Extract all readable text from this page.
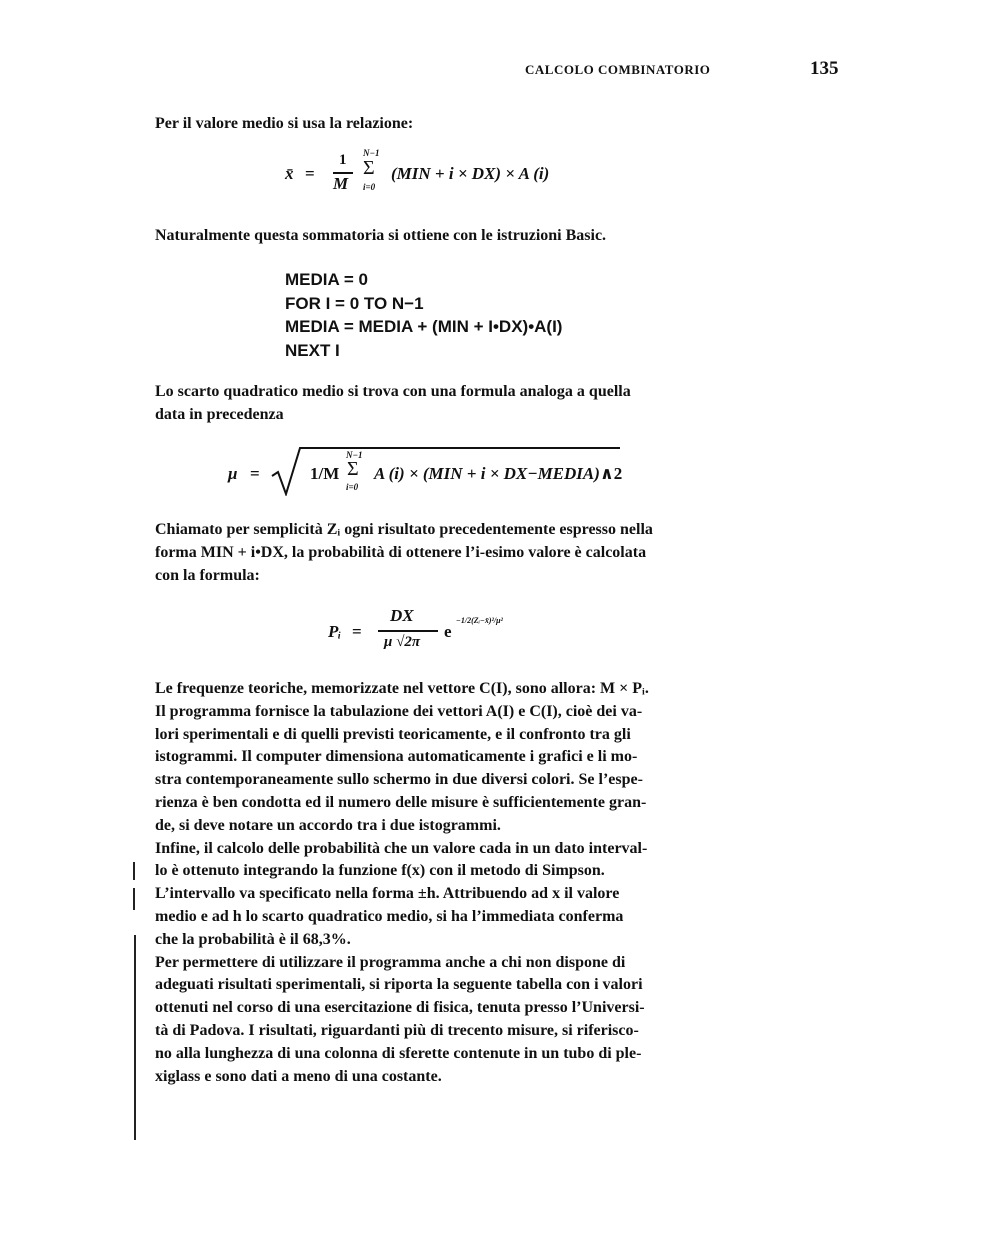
CALCOLO COMBINATORIO	135
Per il valore medio si usa la relazione:
x̄ =
1
M
N−1
Σ
i=0
(MIN + i × DX) × A (i)
Naturalmente questa sommatoria si ottiene con le istruzioni Basic.
MEDIA = 0
FOR I = 0 TO N−1
MEDIA = MEDIA + (MIN + I•DX)•A(I)
NEXT I
Lo scarto quadratico medio si trova con una formula analoga a quella
data in precedenza
μ =	1/M
N−1
Σ
i=0
A (i) × (MIN + i × DX−MEDIA) ∧2
Chiamato per semplicità Zᵢ ogni risultato precedentemente espresso nella
forma MIN + i•DX, la probabilità di ottenere l’i-esimo valore è calcolata
con la formula:
Pᵢ =
DX
μ √2π
e
−1/2(Zᵢ−x̄)²/μ²
Le frequenze teoriche, memorizzate nel vettore C(I), sono allora: M × Pᵢ.
Il programma fornisce la tabulazione dei vettori A(I) e C(I), cioè dei va-
lori sperimentali e di quelli previsti teoricamente, e il confronto tra gli
istogrammi. Il computer dimensiona automaticamente i grafici e li mo-
stra contemporaneamente sullo schermo in due diversi colori. Se l’espe-
rienza è ben condotta ed il numero delle misure è sufficientemente gran-
de, si deve notare un accordo tra i due istogrammi.
Infine, il calcolo delle probabilità che un valore cada in un dato interval-
lo è ottenuto integrando la funzione f(x) con il metodo di Simpson.
L’intervallo va specificato nella forma ±h. Attribuendo ad x il valore
medio e ad h lo scarto quadratico medio, si ha l’immediata conferma
che la probabilità è il 68,3%.
Per permettere di utilizzare il programma anche a chi non dispone di
adeguati risultati sperimentali, si riporta la seguente tabella con i valori
ottenuti nel corso di una esercitazione di fisica, tenuta presso l’Universi-
tà di Padova. I risultati, riguardanti più di trecento misure, si riferisco-
no alla lunghezza di una colonna di sferette contenute in un tubo di ple-
xiglass e sono dati a meno di una costante.
